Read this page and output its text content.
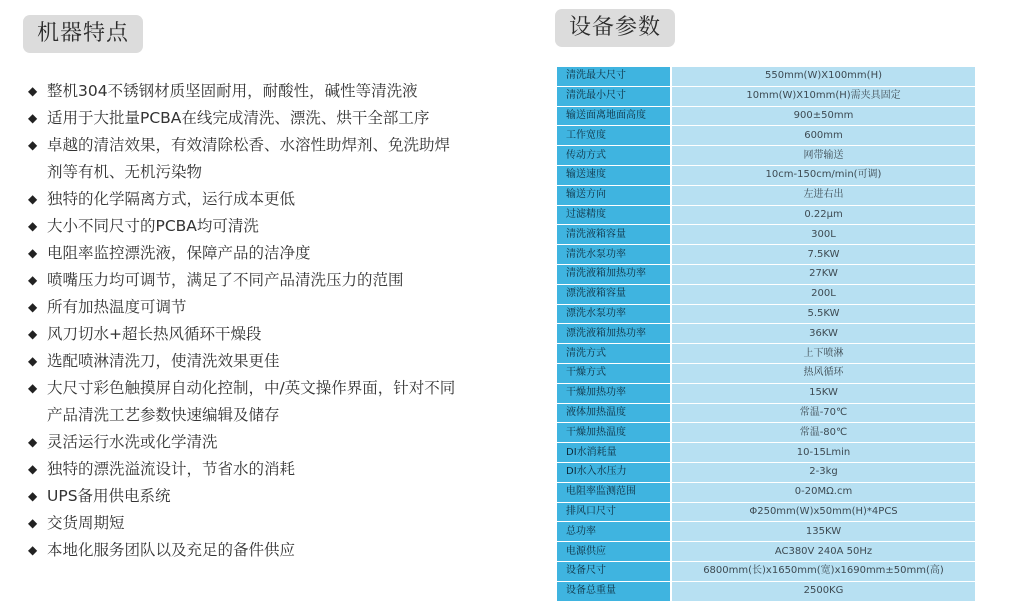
机器特点
◆ 整机304不锈钢材质坚固耐用，耐酸性，碱性等清洗液
◆ 适用于大批量PCBA在线完成清洗、漂洗、烘干全部工序
◆ 卓越的清洁效果，有效清除松香、水溶性助焊剂、免洗助焊
剂等有机、无机污染物
◆ 独特的化学隔离方式，运行成本更低
◆ 大小不同尺寸的PCBA均可清洗
◆ 电阻率监控漂洗液，保障产品的洁净度
◆ 喷嘴压力均可调节，满足了不同产品清洗压力的范围
◆ 所有加热温度可调节
◆ 风刀切水+超长热风循环干燥段
◆ 选配喷淋清洗刀，使清洗效果更佳
◆ 大尺寸彩色触摸屏自动化控制，中/英文操作界面，针对不同
产品清洗工艺参数快速编辑及储存
◆ 灵活运行水洗或化学清洗
◆ 独特的漂洗溢流设计，节省水的消耗
◆ UPS备用供电系统
◆ 交货周期短
◆ 本地化服务团队以及充足的备件供应
设备参数
清洗最大尺寸	550mm(W)X100mm(H)
清洗最小尺寸	10mm(W)X10mm(H)需夹具固定
输送面离地面高度	900±50mm
工作宽度	600mm
传动方式	网带输送
输送速度	10cm-150cm/min(可调)
输送方向	左进右出
过滤精度	0.22μm
清洗液箱容量	300L
清洗水泵功率	7.5KW
清洗液箱加热功率	27KW
漂洗液箱容量	200L
漂洗水泵功率	5.5KW
漂洗液箱加热功率	36KW
清洗方式	上下喷淋
干燥方式	热风循环
干燥加热功率	15KW
液体加热温度	常温-70℃
干燥加热温度	常温-80℃
DI水消耗量	10-15Lmin
DI水入水压力	2-3kg
电阻率监测范围	0-20MΩ.cm
排风口尺寸	Φ250mm(W)x50mm(H)*4PCS
总功率	135KW
电源供应	AC380V 240A 50Hz
设备尺寸	6800mm(长)x1650mm(宽)x1690mm±50mm(高)
设备总重量	2500KG
